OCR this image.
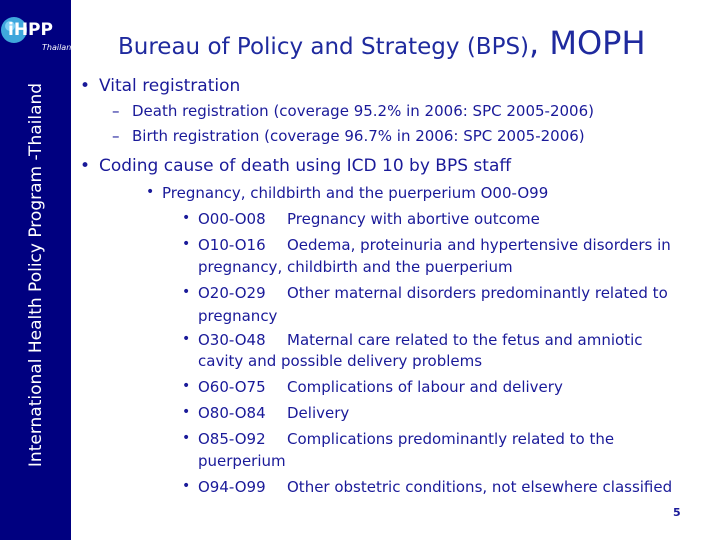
iHPP
Thailand
International Health Policy Program -Thailand
Bureau of Policy and Strategy (BPS), MOPH
• Vital registration
– Death registration (coverage 95.2% in 2006: SPC 2005-2006)
– Birth registration (coverage 96.7% in 2006: SPC 2005-2006)
• Coding cause of death using ICD 10 by BPS staff
• Pregnancy, childbirth and the puerperium O00-O99
• O00-O08 Pregnancy with abortive outcome
• O10-O16 Oedema, proteinuria and hypertensive disorders in
pregnancy, childbirth and the puerperium
• O20-O29 Other maternal disorders predominantly related to
pregnancy
• O30-O48 Maternal care related to the fetus and amniotic
cavity and possible delivery problems
• O60-O75 Complications of labour and delivery
• O80-O84 Delivery
• O85-O92 Complications predominantly related to the
puerperium
• O94-O99 Other obstetric conditions, not elsewhere classified
5
